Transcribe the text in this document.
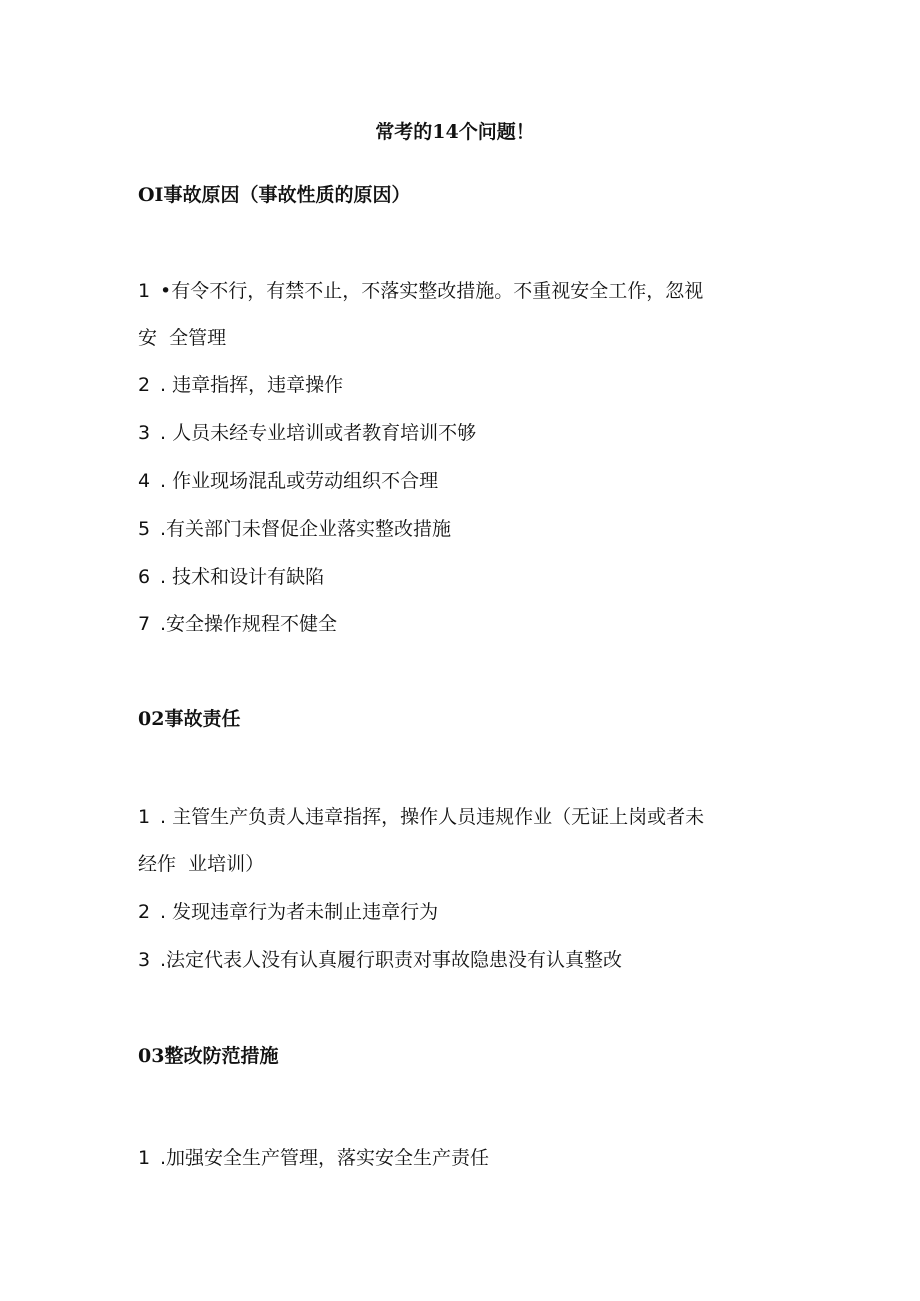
常考的14个问题！
OI事故原因（事故性质的原因）
1 •有令不行，有禁不止，不落实整改措施。不重视安全工作，忽视
安  全管理
2 . 违章指挥，违章操作
3 . 人员未经专业培训或者教育培训不够
4 . 作业现场混乱或劳动组织不合理
5 .有关部门未督促企业落实整改措施
6 . 技术和设计有缺陷
7 .安全操作规程不健全
02事故责任
1 . 主管生产负责人违章指挥，操作人员违规作业（无证上岗或者未
经作  业培训）
2 . 发现违章行为者未制止违章行为
3 .法定代表人没有认真履行职责对事故隐患没有认真整改
03整改防范措施
1 .加强安全生产管理，落实安全生产责任
